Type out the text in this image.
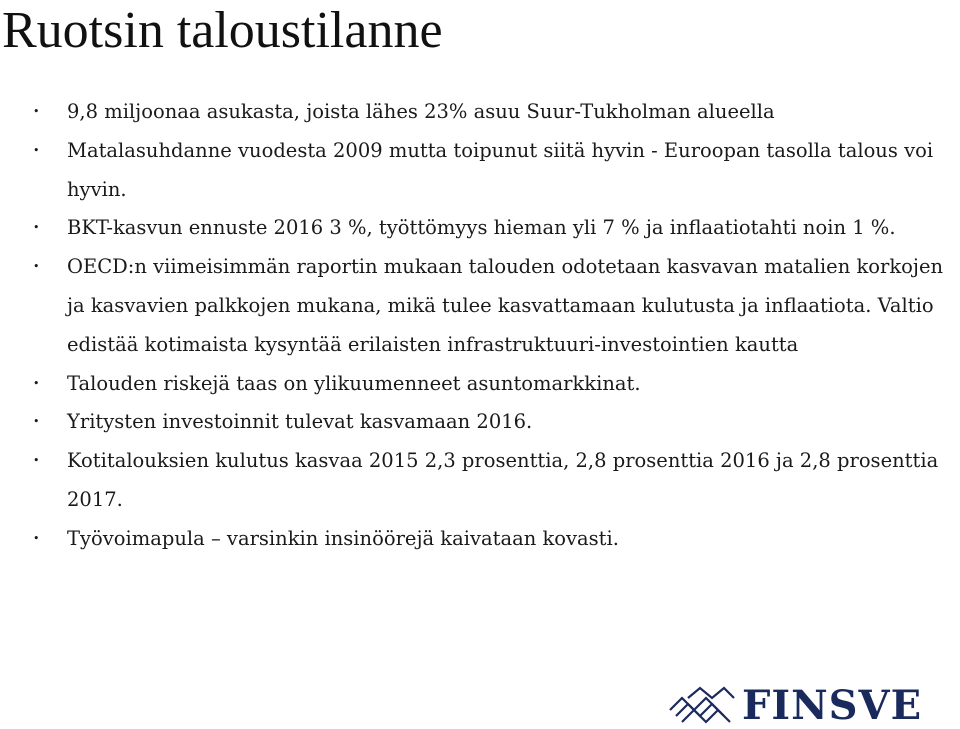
Ruotsin taloustilanne
• 9,8 miljoonaa asukasta, joista lähes 23% asuu Suur-Tukholman alueella
• Matalasuhdanne vuodesta 2009 mutta toipunut siitä hyvin - Euroopan tasolla talous voi hyvin.
• BKT-kasvun ennuste 2016 3 %, työttömyys hieman yli 7 % ja inflaatiotahti noin 1 %.
• OECD:n viimeisimmän raportin mukaan talouden odotetaan kasvavan matalien korkojen ja kasvavien palkkojen mukana, mikä tulee kasvattamaan kulutusta ja inflaatiota. Valtio edistää kotimaista kysyntää erilaisten infrastruktuuri-investointien kautta
• Talouden riskejä taas on ylikuumenneet asuntomarkkinat.
• Yritysten investoinnit tulevat kasvamaan 2016.
• Kotitalouksien kulutus kasvaa 2015 2,3 prosenttia, 2,8 prosenttia 2016 ja 2,8 prosenttia 2017.
• Työvoimapula – varsinkin insinöörejä kaivataan kovasti.
FINSVE
